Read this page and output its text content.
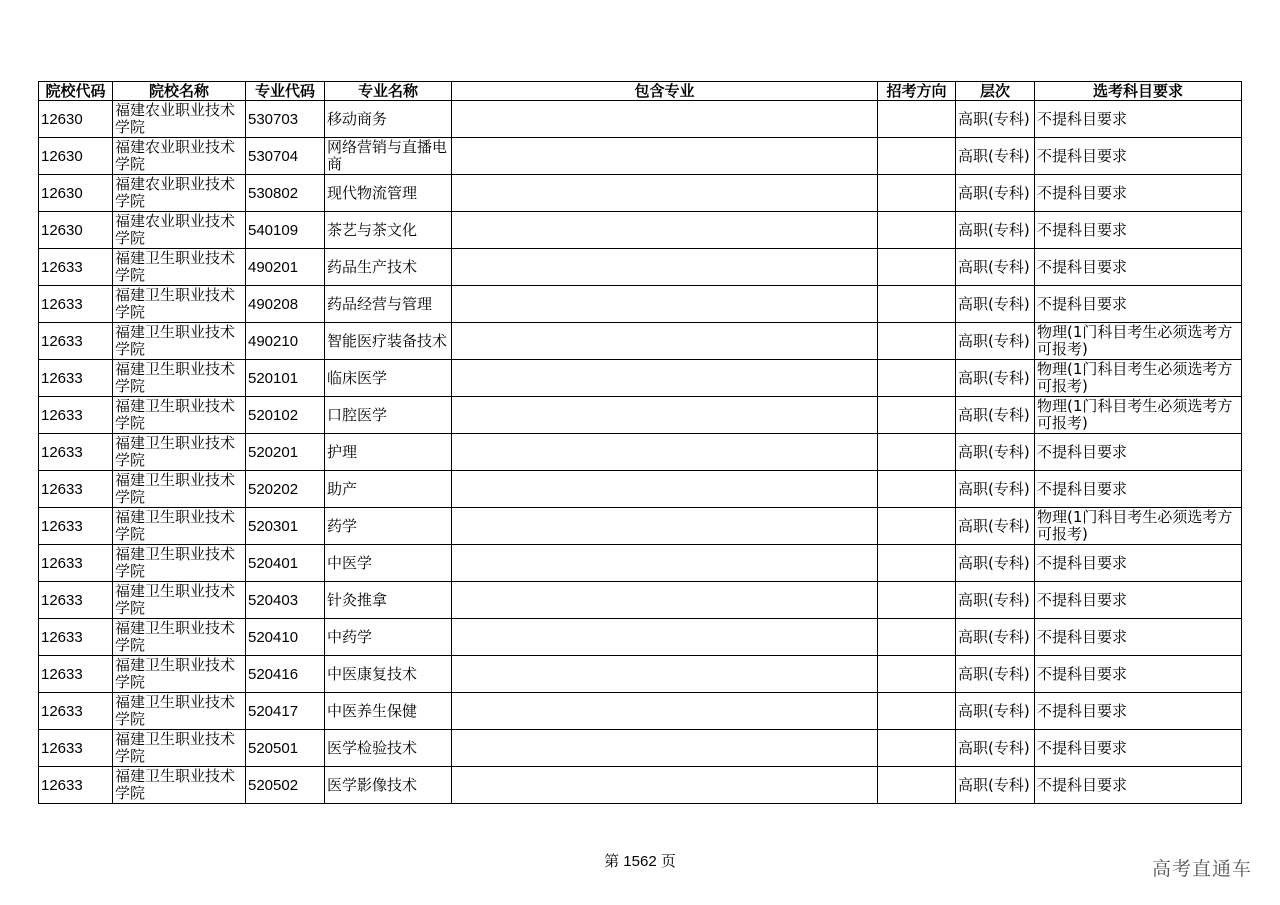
院校代码	院校名称	专业代码	专业名称	包含专业	招考方向	层次	选考科目要求
12630	福建农业职业技术学院	530703	移动商务			高职(专科)	不提科目要求
12630	福建农业职业技术学院	530704	网络营销与直播电商			高职(专科)	不提科目要求
12630	福建农业职业技术学院	530802	现代物流管理			高职(专科)	不提科目要求
12630	福建农业职业技术学院	540109	茶艺与茶文化			高职(专科)	不提科目要求
12633	福建卫生职业技术学院	490201	药品生产技术			高职(专科)	不提科目要求
12633	福建卫生职业技术学院	490208	药品经营与管理			高职(专科)	不提科目要求
12633	福建卫生职业技术学院	490210	智能医疗装备技术			高职(专科)	物理(1门科目考生必须选考方可报考)
12633	福建卫生职业技术学院	520101	临床医学			高职(专科)	物理(1门科目考生必须选考方可报考)
12633	福建卫生职业技术学院	520102	口腔医学			高职(专科)	物理(1门科目考生必须选考方可报考)
12633	福建卫生职业技术学院	520201	护理			高职(专科)	不提科目要求
12633	福建卫生职业技术学院	520202	助产			高职(专科)	不提科目要求
12633	福建卫生职业技术学院	520301	药学			高职(专科)	物理(1门科目考生必须选考方可报考)
12633	福建卫生职业技术学院	520401	中医学			高职(专科)	不提科目要求
12633	福建卫生职业技术学院	520403	针灸推拿			高职(专科)	不提科目要求
12633	福建卫生职业技术学院	520410	中药学			高职(专科)	不提科目要求
12633	福建卫生职业技术学院	520416	中医康复技术			高职(专科)	不提科目要求
12633	福建卫生职业技术学院	520417	中医养生保健			高职(专科)	不提科目要求
12633	福建卫生职业技术学院	520501	医学检验技术			高职(专科)	不提科目要求
12633	福建卫生职业技术学院	520502	医学影像技术			高职(专科)	不提科目要求
第 1562 页	高考直通车
